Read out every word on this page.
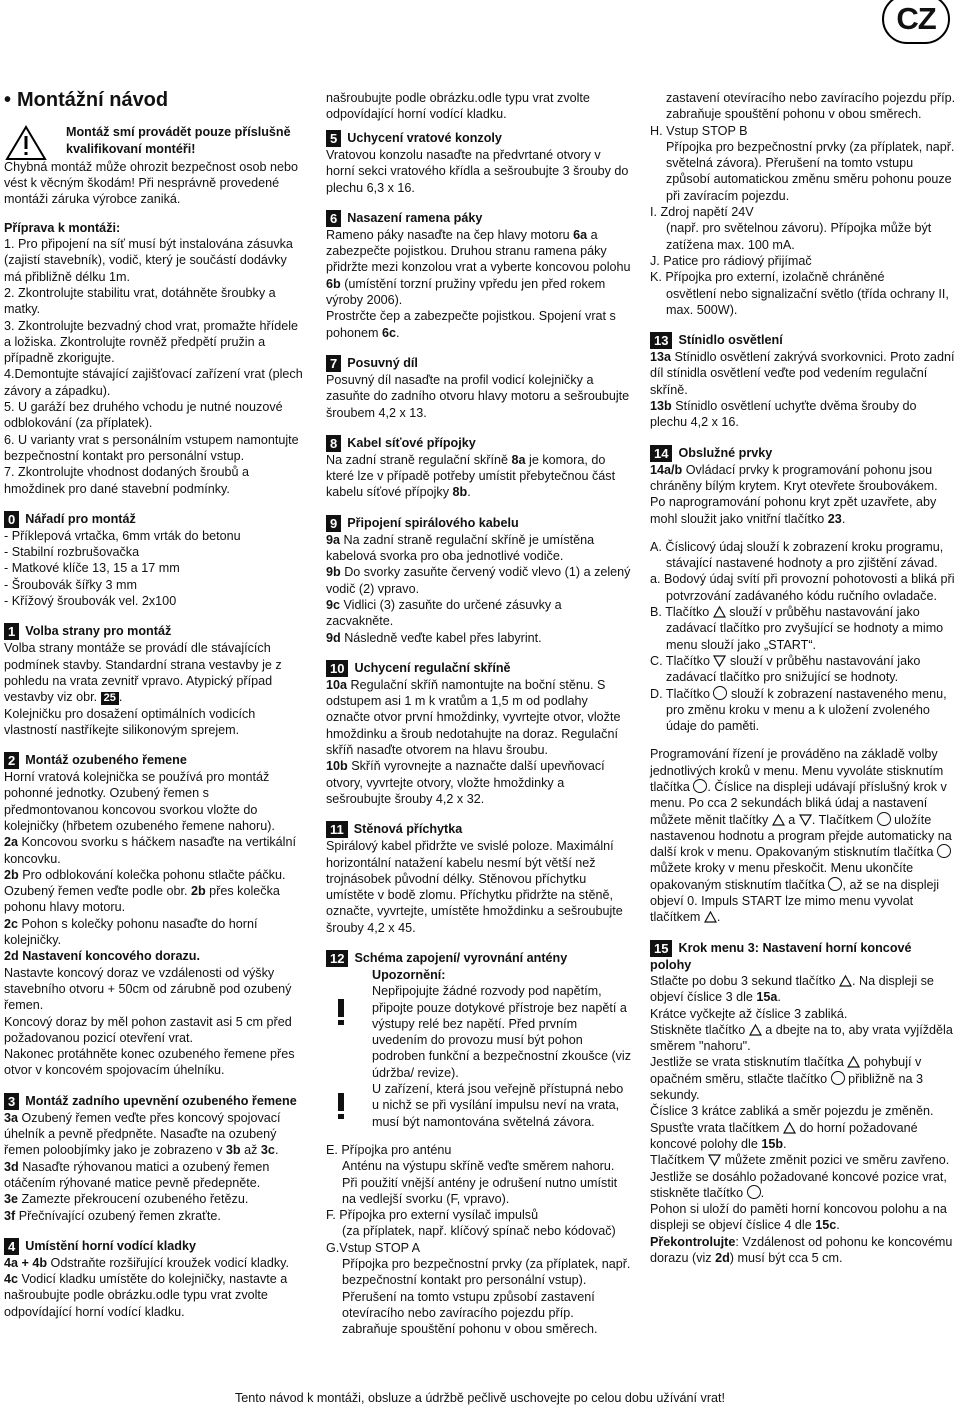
CZ
• Montážní návod
Montáž smí provádět pouze příslušně
kvalifikovaní montéři!

Chybná montáž může ohrozit bezpečnost osob nebo vést k věcným škodám! Při nesprávně provedené montáži záruka výrobce zaniká.

Příprava k montáži:

1. Pro připojení na síť musí být instalována zásuvka (zajistí stavebník), vodič, který je součástí dodávky má přibližně délku 1m.

2. Zkontrolujte stabilitu vrat, dotáhněte šroubky a matky.

3. Zkontrolujte bezvadný chod vrat, promažte hřídele a ložiska. Zkontrolujte rovněž předpětí pružin a případně zkorigujte.

4.Demontujte stávající zajišťovací zařízení vrat (plech závory a západku).

5. U garáží bez druhého vchodu je nutné nouzové odblokování (za příplatek).

6. U varianty vrat s personálním vstupem namontujte bezpečnostní kontakt pro personální vstup.

7. Zkontrolujte vhodnost dodaných šroubů a hmoždinek pro dané stavební podmínky.

0 Nářadí pro montáž

- Příklepová vrtačka, 6mm vrták do betonu

- Stabilní rozbrušovačka

- Matkové klíče 13, 15 a 17 mm

- Šroubovák šířky 3 mm

- Křížový šroubovák vel. 2x100

1 Volba strany pro montáž

Volba strany montáže se provádí dle stávajících podmínek stavby. Standardní strana vestavby je z pohledu na vrata zevnitř vpravo. Atypický případ vestavby viz obr. 25 .

Kolejničku pro dosažení optimálních vodicích vlastností nastříkejte silikonovým sprejem.

2 Montáž ozubeného řemene

Horní vratová kolejnička se používá pro montáž pohonné jednotky. Ozubený řemen s předmontovanou koncovou svorkou vložte do kolejničky (hřbetem ozubeného řemene nahoru).

2a Koncovou svorku s háčkem nasaďte na vertikální koncovku.

2b Pro odblokování kolečka pohonu stlačte páčku. Ozubený řemen veďte podle obr. 2b přes kolečka pohonu hlavy motoru.

2c Pohon s kolečky pohonu nasaďte do horní kolejničky.

2d Nastavení koncového dorazu.

Nastavte koncový doraz ve vzdálenosti od výšky stavebního otvoru + 50cm od zárubně pod ozubený řemen.

Koncový doraz by měl pohon zastavit asi 5 cm před požadovanou pozicí otevření vrat.

Nakonec protáhněte konec ozubeného řemene přes otvor v koncovém spojovacím úhelníku.

3 Montáž zadního upevnění ozubeného řemene

3a Ozubený řemen veďte přes koncový spojovací úhelník a pevně předpněte. Nasaďte na ozubený řemen poloobjímky jako je zobrazeno v 3b až 3c.

3d Nasaďte rýhovanou matici a ozubený řemen otáčením rýhované matice pevně předepněte.

3e Zamezte překroucení ozubeného řetězu.

3f Přečnívající ozubený řemen zkraťte.

4 Umístění horní vodící kladky

4a + 4b Odstraňte rozšiřující kroužek vodicí kladky.

4c Vodicí kladku umístěte do kolejničky, nastavte a našroubujte podle obrázku.odle typu vrat zvolte odpovídající horní vodící kladku.

5 Uchycení vratové konzoly

Vratovou konzolu nasaďte na předvrtané otvory v horní sekci vratového křídla a sešroubujte 3 šrouby do plechu 6,3 x 16.

6 Nasazení ramena páky

Rameno páky nasaďte na čep hlavy motoru 6a a zabezpečte pojistkou. Druhou stranu ramena páky přidržte mezi konzolou vrat a vyberte koncovou polohu 6b (umístění torzní pružiny vpředu jen před rokem výroby 2006).

Prostrčte čep a zabezpečte pojistkou. Spojení vrat s pohonem 6c.

7 Posuvný díl

Posuvný díl nasaďte na profil vodicí kolejničky a zasuňte do zadního otvoru hlavy motoru a sešroubujte šroubem 4,2 x 13.

8 Kabel síťové přípojky

Na zadní straně regulační skříně 8a je komora, do které lze v případě potřeby umístit přebytečnou část kabelu síťové přípojky 8b.

9 Připojení spirálového kabelu

9a Na zadní straně regulační skříně je umístěna kabelová svorka pro oba jednotlivé vodiče.

9b Do svorky zasuňte červený vodič vlevo (1) a zelený vodič (2) vpravo.

9c Vidlici (3) zasuňte do určené zásuvky a zacvakněte.

9d Následně veďte kabel přes labyrint.

10 Uchycení regulační skříně

10a Regulační skříň namontujte na boční stěnu. S odstupem asi 1 m k vratům a 1,5 m od podlahy označte otvor první hmoždinky, vyvrtejte otvor, vložte hmoždinku a šroub nedotahujte na doraz. Regulační skříň nasaďte otvorem na hlavu šroubu.

10b Skříň vyrovnejte a naznačte další upevňovací otvory, vyvrtejte otvory, vložte hmoždinky a sešroubujte šrouby 4,2 x 32.

11 Stěnová příchytka

Spirálový kabel přidržte ve svislé poloze. Maximální horizontální natažení kabelu nesmí být větší než trojnásobek původní délky. Stěnovou příchytku umístěte v bodě zlomu. Příchytku přidržte na stěně, označte, vyvrtejte, umístěte hmoždinku a sešroubujte šrouby 4,2 x 45.

12 Schéma zapojení/ vyrovnání antény

Upozornění:

Nepřipojujte žádné rozvody pod napětím, připojte pouze dotykové přístroje bez napětí a výstupy relé bez napětí. Před prvním uvedením do provozu musí být pohon podroben funkční a bezpečnostní zkoušce (viz údržba/ revize).

U zařízení, která jsou veřejně přístupná nebo u nichž se při vysílání impulsu neví na vrata, musí být namontována světelná závora.

E. Přípojka pro anténu

Anténu na výstupu skříně veďte směrem nahoru. Při použití vnější antény je odrušení nutno umístit na vedlejší svorku (F, vpravo).

F. Přípojka pro externí vysílač impulsů

(za příplatek, např. klíčový spínač nebo kódovač)

G.Vstup STOP A

Přípojka pro bezpečnostní prvky (za příplatek, např. bezpečnostní kontakt pro personální vstup). Přerušení na tomto vstupu způsobí zastavení otevíracího nebo zavíracího pojezdu příp. zabraňuje spouštění pohonu v obou směrech.

našroubujte podle obrázku.odle typu vrat zvolte odpovídající horní vodící kladku.

zastavení otevíracího nebo zavíracího pojezdu příp. zabraňuje spouštění pohonu v obou směrech.

H. Vstup STOP B

Přípojka pro bezpečnostní prvky (za příplatek, např. světelná závora). Přerušení na tomto vstupu způsobí automatickou změnu směru pohonu pouze při zavíracím pojezdu.

I. Zdroj napětí 24V

(např. pro světelnou závoru). Přípojka může být zatížena max. 100 mA.

J. Patice pro rádiový přijímač

K. Přípojka pro externí, izolačně chráněné

osvětlení nebo signalizační světlo (třída ochrany II, max. 500W).

13 Stínidlo osvětlení

13a Stínidlo osvětlení zakrývá svorkovnici. Proto zadní díl stínidla osvětlení veďte pod vedením regulační skříně.

13b Stínidlo osvětlení uchyťte dvěma šrouby do plechu 4,2 x 16.

14 Obslužné prvky

14a/b Ovládací prvky k programování pohonu jsou chráněny bílým krytem. Kryt otevřete šroubovákem.

Po naprogramování pohonu kryt zpět uzavřete, aby mohl sloužit jako vnitřní tlačítko 23.

A. Číslicový údaj slouží k zobrazení kroku programu, stávající nastavené hodnoty a pro zjištění závad.

a. Bodový údaj svítí při provozní pohotovosti a bliká při potvrzování zadávaného kódu ručního ovladače.

B. Tlačítko slouží v průběhu nastavování jako zadávací tlačítko pro zvyšující se hodnoty a mimo menu slouží jako „START“.

C. Tlačítko slouží v průběhu nastavování jako zadávací tlačítko pro snižující se hodnoty.

D. Tlačítko slouží k zobrazení nastaveného menu, pro změnu kroku v menu a k uložení zvoleného údaje do paměti.

Programování řízení je prováděno na základě volby jednotlivých kroků v menu. Menu vyvoláte stisknutím tlačítka . Číslice na displeji udávají příslušný krok v menu. Po cca 2 sekundách bliká údaj a nastavení můžete měnit tlačítky  a . Tlačítkem  uložíte nastavenou hodnotu a program přejde automaticky na další krok v menu. Opakovaným stisknutím tlačítka  můžete kroky v menu přeskočit. Menu ukončíte opakovaným stisknutím tlačítka , až se na displeji objeví 0. Impuls START lze mimo menu vyvolat tlačítkem .

15 Krok menu 3: Nastavení horní koncové polohy

Stlačte po dobu 3 sekund tlačítko . Na displeji se objeví číslice 3 dle 15a.

Krátce vyčkejte až číslice 3 zabliká.

Stiskněte tlačítko  a dbejte na to, aby vrata vyjížděla směrem "nahoru".

Jestliže se vrata stisknutím tlačítka  pohybují v opačném směru, stlačte tlačítko  přibližně na 3 sekundy.

Číslice 3 krátce zabliká a směr pojezdu je změněn. Spusťte vrata tlačítkem  do horní požadované koncové polohy dle 15b.

Tlačítkem  můžete změnit pozici ve směru zavřeno. Jestliže se dosáhlo požadované koncové pozice vrat, stiskněte tlačítko .

Pohon si uloží do paměti horní koncovou polohu a na displeji se objeví číslice 4 dle 15c.

Překontrolujte: Vzdálenost od pohonu ke koncovému dorazu (viz 2d) musí být cca 5 cm.

Tento návod k montáži, obsluze a údržbě pečlivě uschovejte po celou dobu užívání vrat!
